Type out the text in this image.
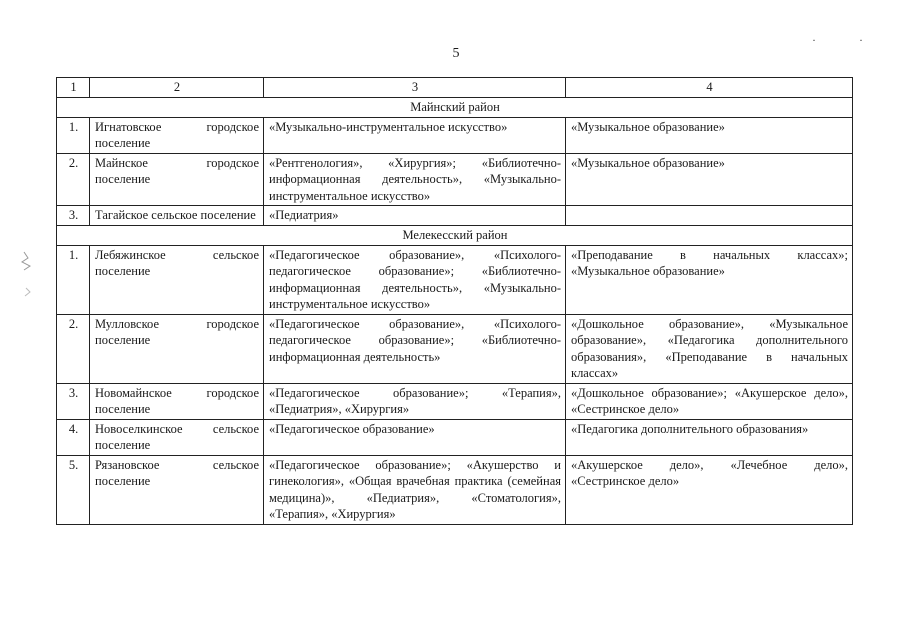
5
· ·
1	2	3	4
Майнский район			
1.	Игнатовское городское поселение	«Музыкально-инструментальное искусство»	«Музыкальное образование»
2.	Майнское городское поселение	«Рентгенология», «Хирургия»; «Библиотечно-информационная деятельность», «Музыкально-инструментальное искусство»	«Музыкальное образование»
3.	Тагайское сельское поселение	«Педиатрия»	
Мелекесский район			
1.	Лебяжинское сельское поселение	«Педагогическое образование», «Психолого-педагогическое образование»; «Библиотечно-информационная деятельность», «Музыкально-инструментальное искусство»	«Преподавание в начальных классах»; «Музыкальное образование»
2.	Мулловское городское поселение	«Педагогическое образование», «Психолого-педагогическое образование»; «Библиотечно-информационная деятельность»	«Дошкольное образование», «Музыкальное образование», «Педагогика дополнительного образования», «Преподавание в начальных классах»
3.	Новомайнское городское поселение	«Педагогическое образование»; «Терапия», «Педиатрия», «Хирургия»	«Дошкольное образование»; «Акушерское дело», «Сестринское дело»
4.	Новоселкинское сельское поселение	«Педагогическое образование»	«Педагогика дополнительного образования»
5.	Рязановское сельское поселение	«Педагогическое образование»; «Акушерство и гинекология», «Общая врачебная практика (семейная медицина)», «Педиатрия», «Стоматология», «Терапия», «Хирургия»	«Акушерское дело», «Лечебное дело», «Сестринское дело»
